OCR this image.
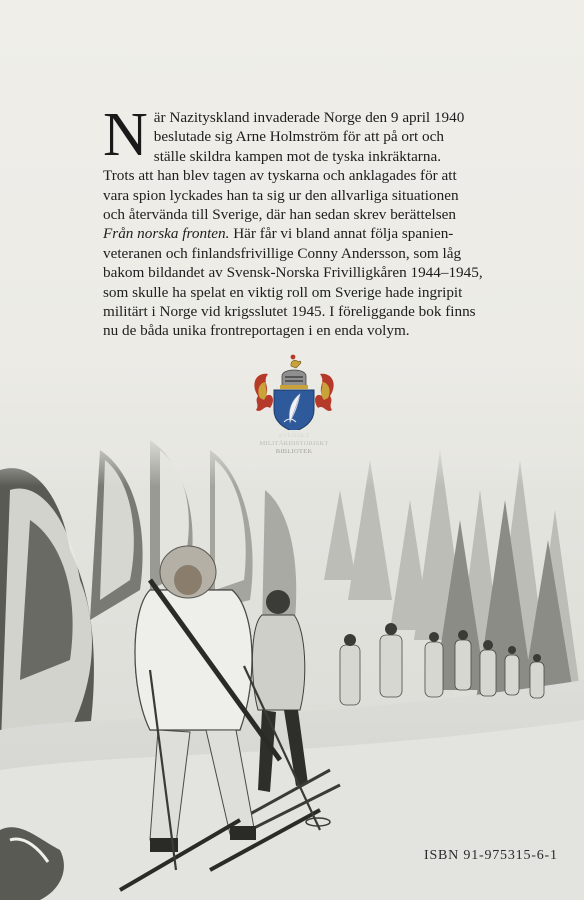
N är Nazityskland invaderade Norge den 9 april 1940

beslutade sig Arne Holmström för att på ort och

ställe skildra kampen mot de tyska inkräktarna.

Trots att han blev tagen av tyskarna och anklagades för att

vara spion lyckades han ta sig ur den allvarliga situationen

och återvända till Sverige, där han sedan skrev berättelsen

Från norska fronten. Här får vi bland annat följa spanien-

veteranen och finlandsfrivillige Conny Andersson, som låg

bakom bildandet av Svensk-Norska Frivilligkåren 1944–1945,

som skulle ha spelat en viktig roll om Sverige hade ingripit

militärt i Norge vid krigsslutet 1945. I föreliggande bok finns

nu de båda unika frontreportagen i en enda volym.

ISBN 91-975315-6-1
